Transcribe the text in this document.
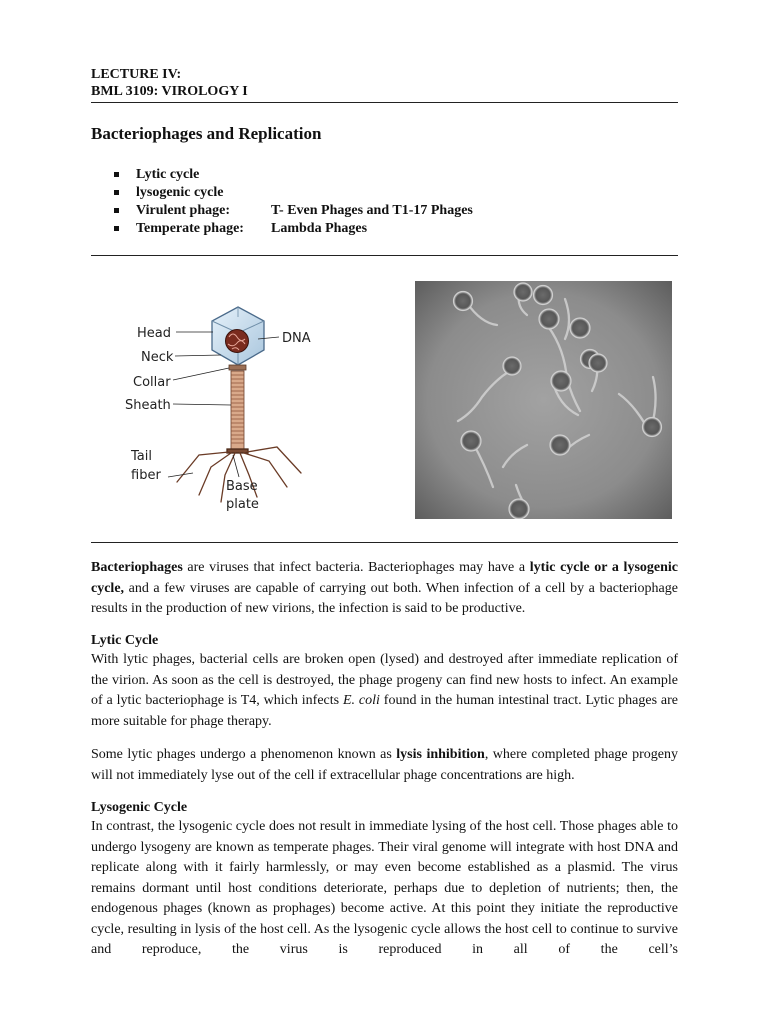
LECTURE IV:
BML 3109: VIROLOGY I
Bacteriophages and Replication
Lytic cycle
lysogenic cycle
Virulent phage:	T- Even Phages and T1-17 Phages
Temperate phage: Lambda Phages
Bacteriophages are viruses that infect bacteria. Bacteriophages may have a lytic cycle or a lysogenic cycle, and a few viruses are capable of carrying out both. When infection of a cell by a bacteriophage results in the production of new virions, the infection is said to be productive.
Lytic Cycle
With lytic phages, bacterial cells are broken open (lysed) and destroyed after immediate replication of the virion. As soon as the cell is destroyed, the phage progeny can find new hosts to infect. An example of a lytic bacteriophage is T4, which infects E. coli found in the human intestinal tract. Lytic phages are more suitable for phage therapy.
Some lytic phages undergo a phenomenon known as lysis inhibition, where completed phage progeny will not immediately lyse out of the cell if extracellular phage concentrations are high.
Lysogenic Cycle
In contrast, the lysogenic cycle does not result in immediate lysing of the host cell. Those phages able to undergo lysogeny are known as temperate phages. Their viral genome will integrate with host DNA and replicate along with it fairly harmlessly, or may even become established as a plasmid. The virus remains dormant until host conditions deteriorate, perhaps due to depletion of nutrients; then, the endogenous phages (known as prophages) become active. At this point they initiate the reproductive cycle, resulting in lysis of the host cell. As the lysogenic cycle allows the host cell to continue to survive and reproduce, the virus is reproduced in all of the cell’s
Head
Neck
Collar
Sheath
Tail
fiber
DNA
Base
plate
